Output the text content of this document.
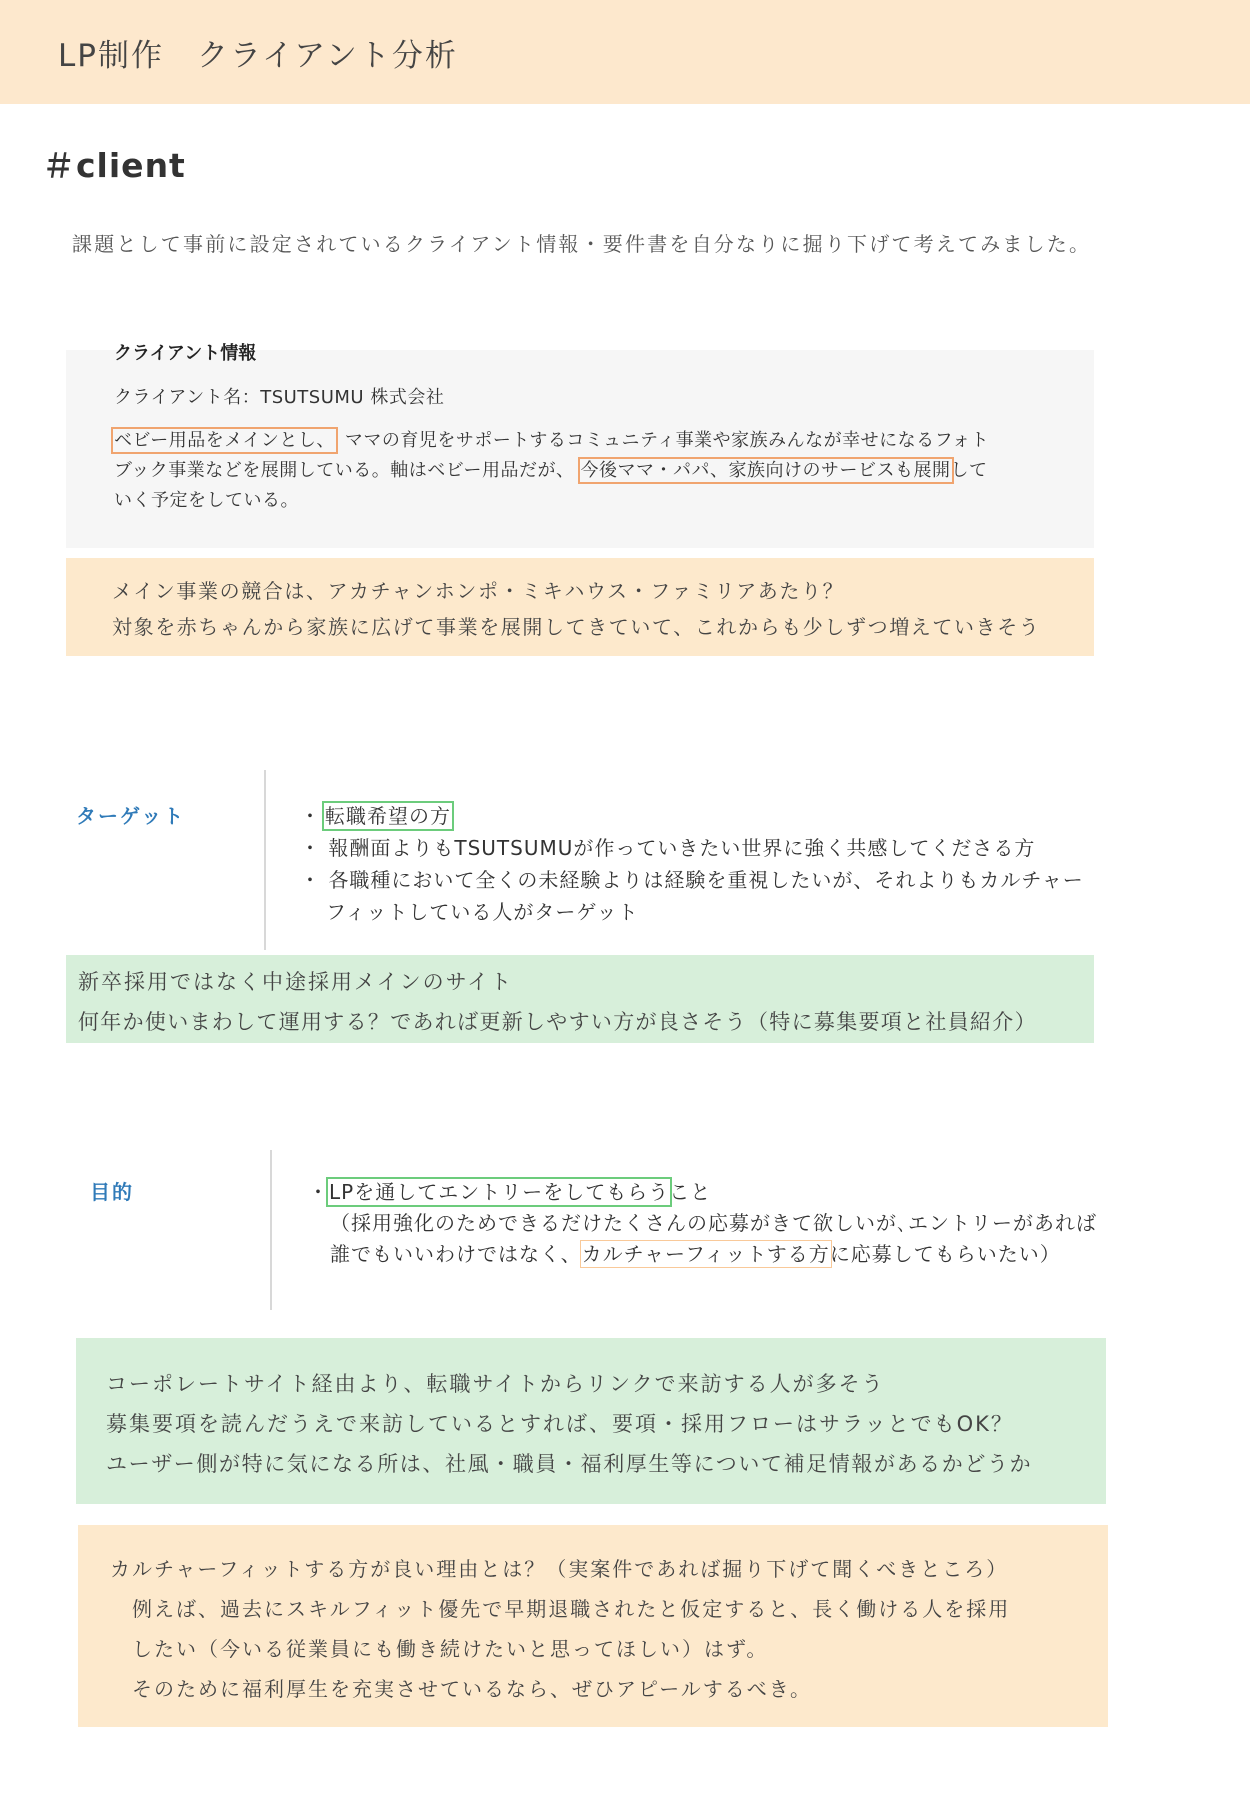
LP制作　クライアント分析
＃client
課題として事前に設定されているクライアント情報・要件書を自分なりに掘り下げて考えてみました。
クライアント情報
クライアント名：TSUTSUMU 株式会社
ベビー用品をメインとし、 ママの育児をサポートするコミュニティ事業や家族みんなが幸せになるフォト
ブック事業などを展開している。軸はベビー用品だが、 今後ママ・パパ、家族向けのサービスも展開して
いく予定をしている。
メイン事業の競合は、アカチャンホンポ・ミキハウス・ファミリアあたり？
対象を赤ちゃんから家族に広げて事業を展開してきていて、これからも少しずつ増えていきそう
ターゲット	・ 転職希望の方
・ 報酬面よりもTSUTSUMUが作っていきたい世界に強く共感してくださる方
・ 各職種において全くの未経験よりは経験を重視したいが、それよりもカルチャー
フィットしている人がターゲット
新卒採用ではなく中途採用メインのサイト
何年か使いまわして運用する？であれば更新しやすい方が良さそう（特に募集要項と社員紹介）
目的	・LPを通してエントリーをしてもらうこと
（採用強化のためできるだけたくさんの応募がきて欲しいが､エントリーがあれば
誰でもいいわけではなく、カルチャーフィットする方に応募してもらいたい）
コーポレートサイト経由より、転職サイトからリンクで来訪する人が多そう
募集要項を読んだうえで来訪しているとすれば、要項・採用フローはサラッとでもOK？
ユーザー側が特に気になる所は、社風・職員・福利厚生等について補足情報があるかどうか
カルチャーフィットする方が良い理由とは？（実案件であれば掘り下げて聞くべきところ）
例えば、過去にスキルフィット優先で早期退職されたと仮定すると、長く働ける人を採用
したい（今いる従業員にも働き続けたいと思ってほしい）はず。
そのために福利厚生を充実させているなら、ぜひアピールするべき。
